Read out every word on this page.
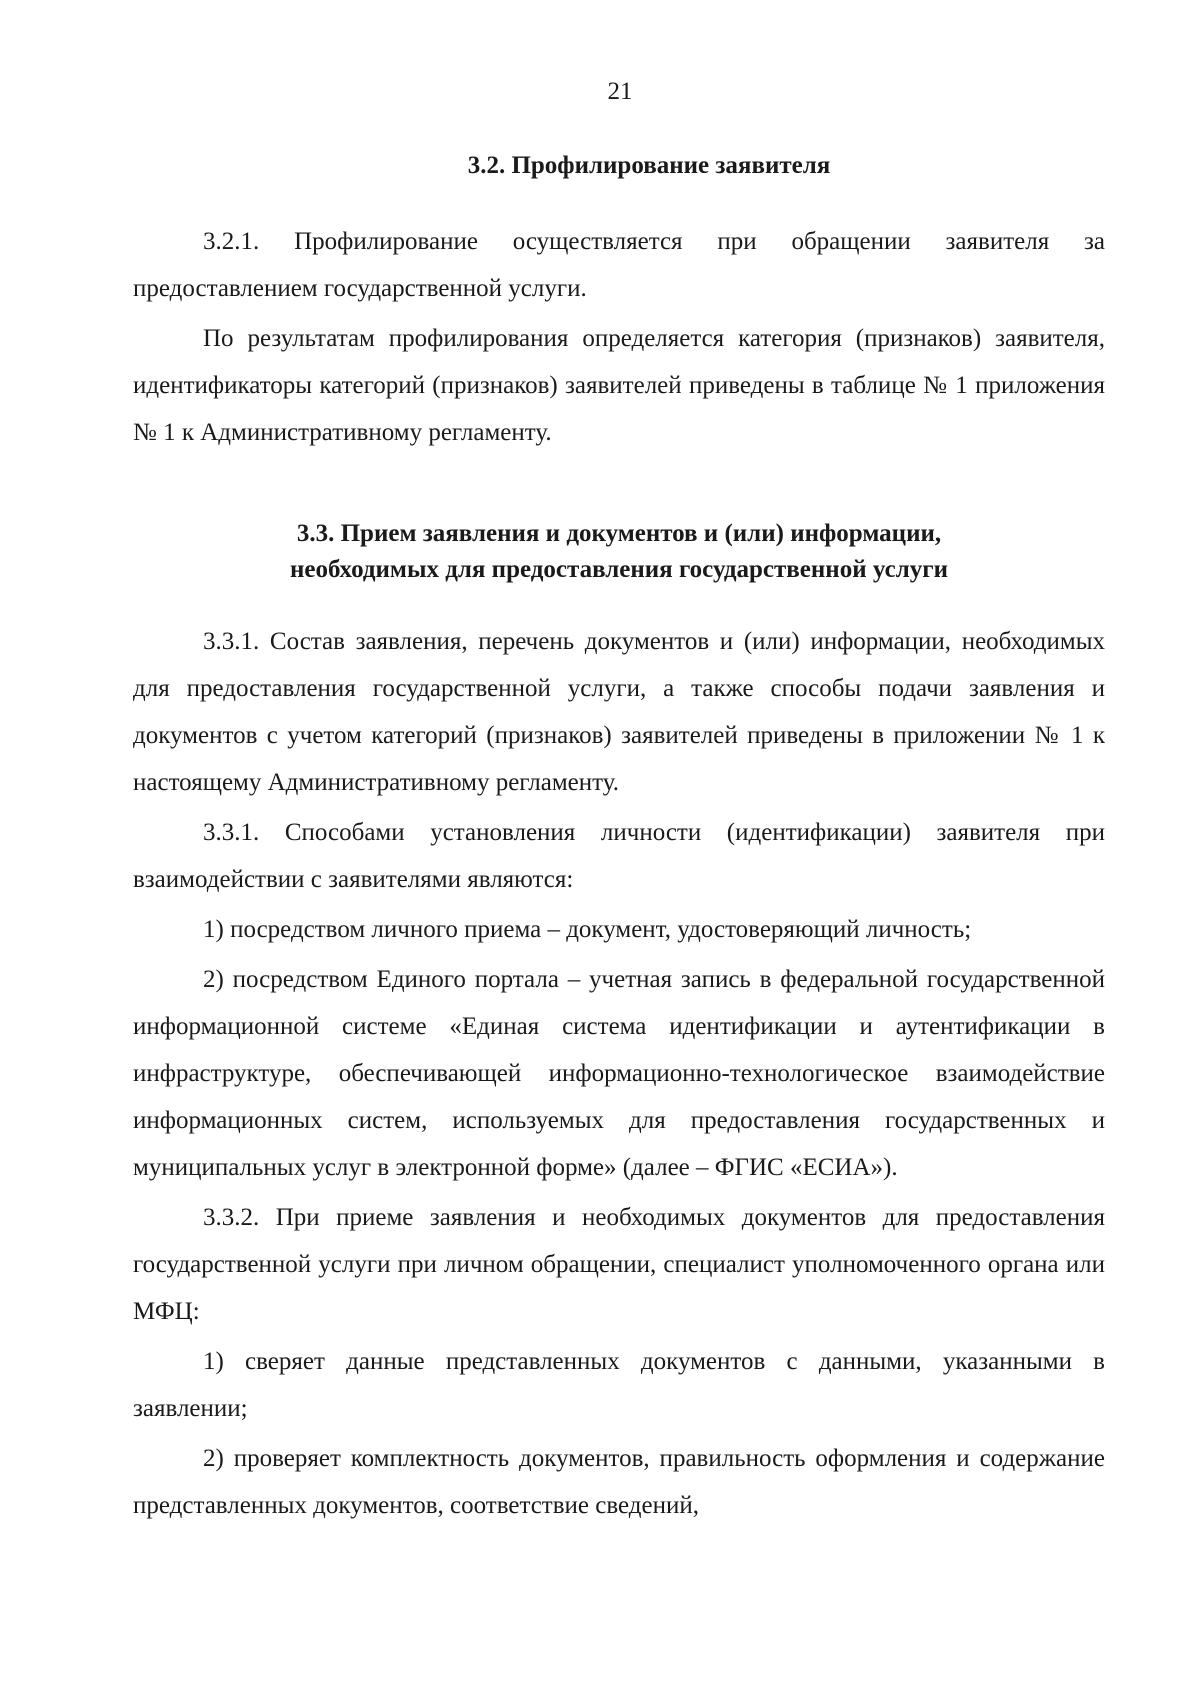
21
3.2. Профилирование заявителя

3.2.1. Профилирование осуществляется при обращении заявителя за предоставлением государственной услуги.

По результатам профилирования определяется категория (признаков) заявителя, идентификаторы категорий (признаков) заявителей приведены в таблице № 1 приложения № 1 к Административному регламенту.

3.3. Прием заявления и документов и (или) информации,
необходимых для предоставления государственной услуги

3.3.1. Состав заявления, перечень документов и (или) информации, необходимых для предоставления государственной услуги, а также способы подачи заявления и документов с учетом категорий (признаков) заявителей приведены в приложении № 1 к настоящему Административному регламенту.

3.3.1. Способами установления личности (идентификации) заявителя при взаимодействии с заявителями являются:

1) посредством личного приема – документ, удостоверяющий личность;

2) посредством Единого портала – учетная запись в федеральной государственной информационной системе «Единая система идентификации и аутентификации в инфраструктуре, обеспечивающей информационно-технологическое взаимодействие информационных систем, используемых для предоставления государственных и муниципальных услуг в электронной форме» (далее – ФГИС «ЕСИА»).

3.3.2. При приеме заявления и необходимых документов для предоставления государственной услуги при личном обращении, специалист уполномоченного органа или МФЦ:

1) сверяет данные представленных документов с данными, указанными в заявлении;

2) проверяет комплектность документов, правильность оформления и содержание представленных документов, соответствие сведений,
